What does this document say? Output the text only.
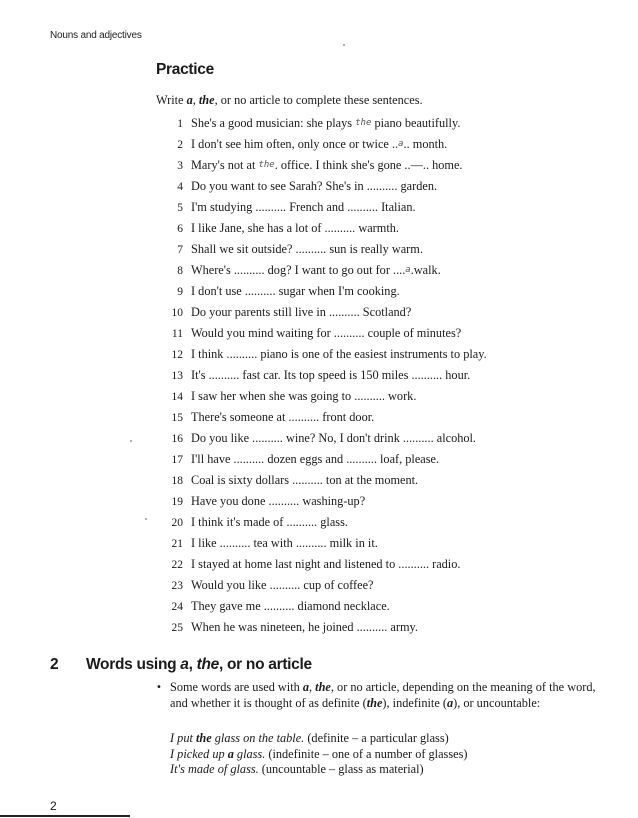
Nouns and adjectives
Practice
Write a, the, or no article to complete these sentences.
1 She's a good musician: she plays the piano beautifully.
2 I don't see him often, only once or twice ..a.. month.
3 Mary's not at the. office. I think she's gone ..—.. home.
4 Do you want to see Sarah? She's in .......... garden.
5 I'm studying .......... French and .......... Italian.
6 I like Jane, she has a lot of .......... warmth.
7 Shall we sit outside? .......... sun is really warm.
8 Where's .......... dog? I want to go out for ....a.walk.
9 I don't use .......... sugar when I'm cooking.
10 Do your parents still live in .......... Scotland?
11 Would you mind waiting for .......... couple of minutes?
12 I think .......... piano is one of the easiest instruments to play.
13 It's .......... fast car. Its top speed is 150 miles .......... hour.
14 I saw her when she was going to .......... work.
15 There's someone at .......... front door.
16 Do you like .......... wine? No, I don't drink .......... alcohol.
17 I'll have .......... dozen eggs and .......... loaf, please.
18 Coal is sixty dollars .......... ton at the moment.
19 Have you done .......... washing-up?
20 I think it's made of .......... glass.
21 I like .......... tea with .......... milk in it.
22 I stayed at home last night and listened to .......... radio.
23 Would you like .......... cup of coffee?
24 They gave me .......... diamond necklace.
25 When he was nineteen, he joined .......... army.
2 Words using a, the, or no article
• Some words are used with a, the, or no article, depending on the meaning of the word, and whether it is thought of as definite (the), indefinite (a), or uncountable:
I put the glass on the table. (definite – a particular glass)
I picked up a glass. (indefinite – one of a number of glasses)
It's made of glass. (uncountable – glass as material)
2
